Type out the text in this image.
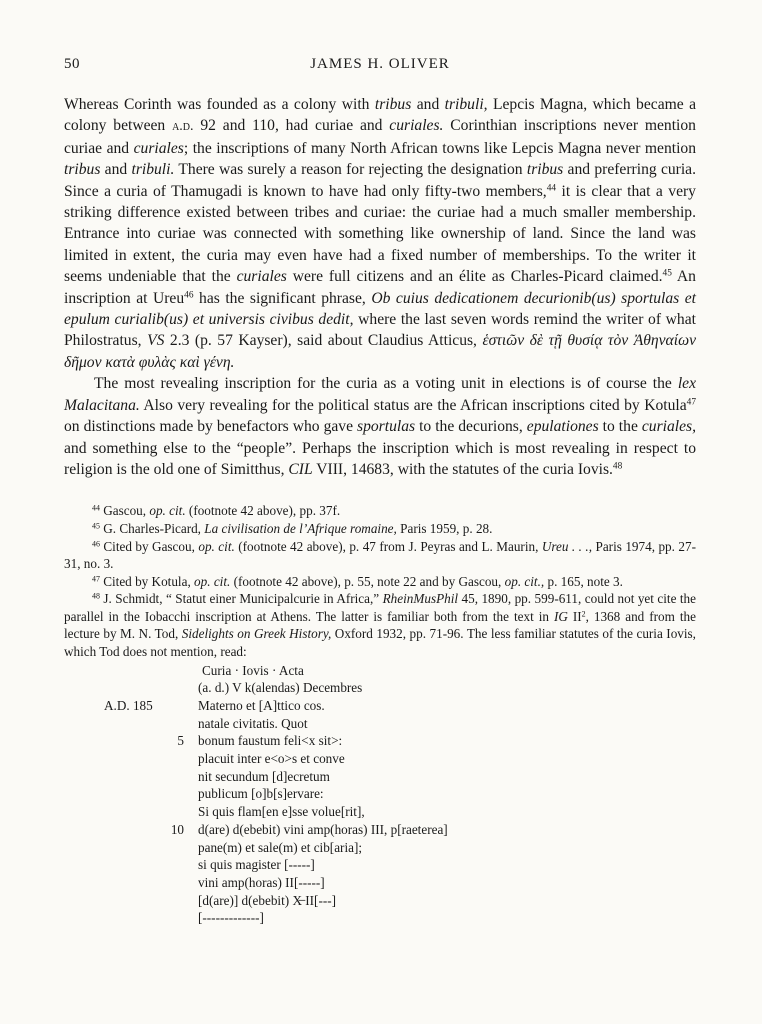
50	JAMES H. OLIVER

Whereas Corinth was founded as a colony with tribus and tribuli, Lepcis Magna, which became a colony between a.d. 92 and 110, had curiae and curiales. Corinthian inscriptions never mention curiae and curiales; the inscriptions of many North African towns like Lepcis Magna never mention tribus and tribuli. There was surely a reason for rejecting the designation tribus and preferring curia. Since a curia of Thamugadi is known to have had only fifty-two members,$^{44}$ it is clear that a very striking difference existed between tribes and curiae: the curiae had a much smaller membership. Entrance into curiae was connected with something like ownership of land. Since the land was limited in extent, the curia may even have had a fixed number of memberships. To the writer it seems undeniable that the curiales were full citizens and an élite as Charles-Picard claimed.$^{45}$ An inscription at Ureu$^{46}$ has the significant phrase, Ob cuius dedicationem decurionib(us) sportulas et epulum curialib(us) et universis civibus dedit, where the last seven words remind the writer of what Philostratus, VS 2.3 (p. 57 Kayser), said about Claudius Atticus, ἑστιῶν δὲ τῇ θυσίᾳ τὸν Ἀθηναίων δῆμον κατὰ φυλὰς καὶ γένη.

The most revealing inscription for the curia as a voting unit in elections is of course the lex Malacitana. Also very revealing for the political status are the African inscriptions cited by Kotula$^{47}$ on distinctions made by benefactors who gave sportulas to the decurions, epulationes to the curiales, and something else to the “people”. Perhaps the inscription which is most revealing in respect to religion is the old one of Simitthus, CIL VIII, 14683, with the statutes of the curia Iovis.$^{48}$

$^{44}$ Gascou, op. cit. (footnote 42 above), pp. 37f.

$^{45}$ G. Charles-Picard, La civilisation de l’Afrique romaine, Paris 1959, p. 28.

$^{46}$ Cited by Gascou, op. cit. (footnote 42 above), p. 47 from J. Peyras and L. Maurin, Ureu . . ., Paris 1974, pp. 27-31, no. 3.

$^{47}$ Cited by Kotula, op. cit. (footnote 42 above), p. 55, note 22 and by Gascou, op. cit., p. 165, note 3.

$^{48}$ J. Schmidt, “ Statut einer Municipalcurie in Africa,” RheinMusPhil 45, 1890, pp. 599-611, could not yet cite the parallel in the Iobacchi inscription at Athens. The latter is familiar both from the text in IG $II^2$, 1368 and from the lecture by M. N. Tod, Sidelights on Greek History, Oxford 1932, pp. 71-96. The less familiar statutes of the curia Iovis, which Tod does not mention, read:

Curia · Iovis · Acta
(a. d.) V k(alendas) Decembres
A.D. 185	Materno et [A]ttico cos.
natale civitatis. Quot
5 bonum faustum feli<x sit>:
placuit inter e<o>s et conve
nit secundum [d]ecretum
publicum [o]b[s]ervare:
Si quis flam[en e]sse volue[rit],
10 d(are) d(ebebit) vini amp(horas) III, p[raeterea]
pane(m) et sale(m) et cib[aria];
si quis magister [-----]
vini amp(horas) II[-----]
[d(are)] d(ebebit) X̶ II[---]
[-------------]
